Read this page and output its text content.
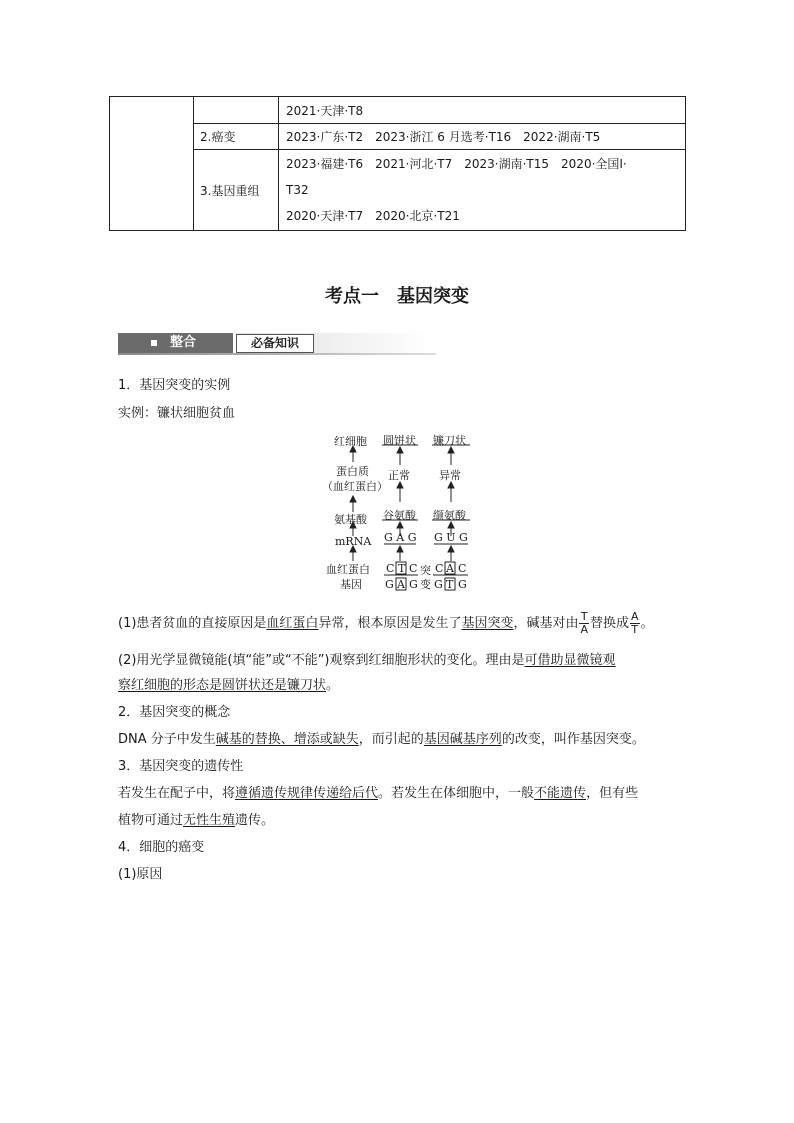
		2021·天津·T8
	2.癌变	2023·广东·T2　2023·浙江 6 月选考·T16　2022·湖南·T5
	3.基因重组	2023·福建·T6　2021·河北·T7　2023·湖南·T15　2020·全国Ⅰ·
T32
2020·天津·T7　2020·北京·T21
考点一　基因突变
整合	必备知识
1．基因突变的实例
实例：镰状细胞贫血
红细胞
蛋白质
（血红蛋白）
氨基酸
mRNA
血红蛋白
基因
圆饼状
正常
谷氨酸
G A G
C T C
G A G
突
变
镰刀状
异常
缬氨酸
G U G
C A C
G T G
(1)患者贫血的直接原因是血红蛋白异常，根本原因是发生了基因突变，碱基对由 $\frac{T}{A}$ 替换成 $\frac{A}{T}$ 。
(2)用光学显微镜能(填“能”或“不能”)观察到红细胞形状的变化。理由是可借助显微镜观
察红细胞的形态是圆饼状还是镰刀状。
2．基因突变的概念
DNA 分子中发生碱基的替换、增添或缺失，而引起的基因碱基序列的改变，叫作基因突变。
3．基因突变的遗传性
若发生在配子中，将遵循遗传规律传递给后代。若发生在体细胞中，一般不能遗传，但有些
植物可通过无性生殖遗传。
4．细胞的癌变
(1)原因
